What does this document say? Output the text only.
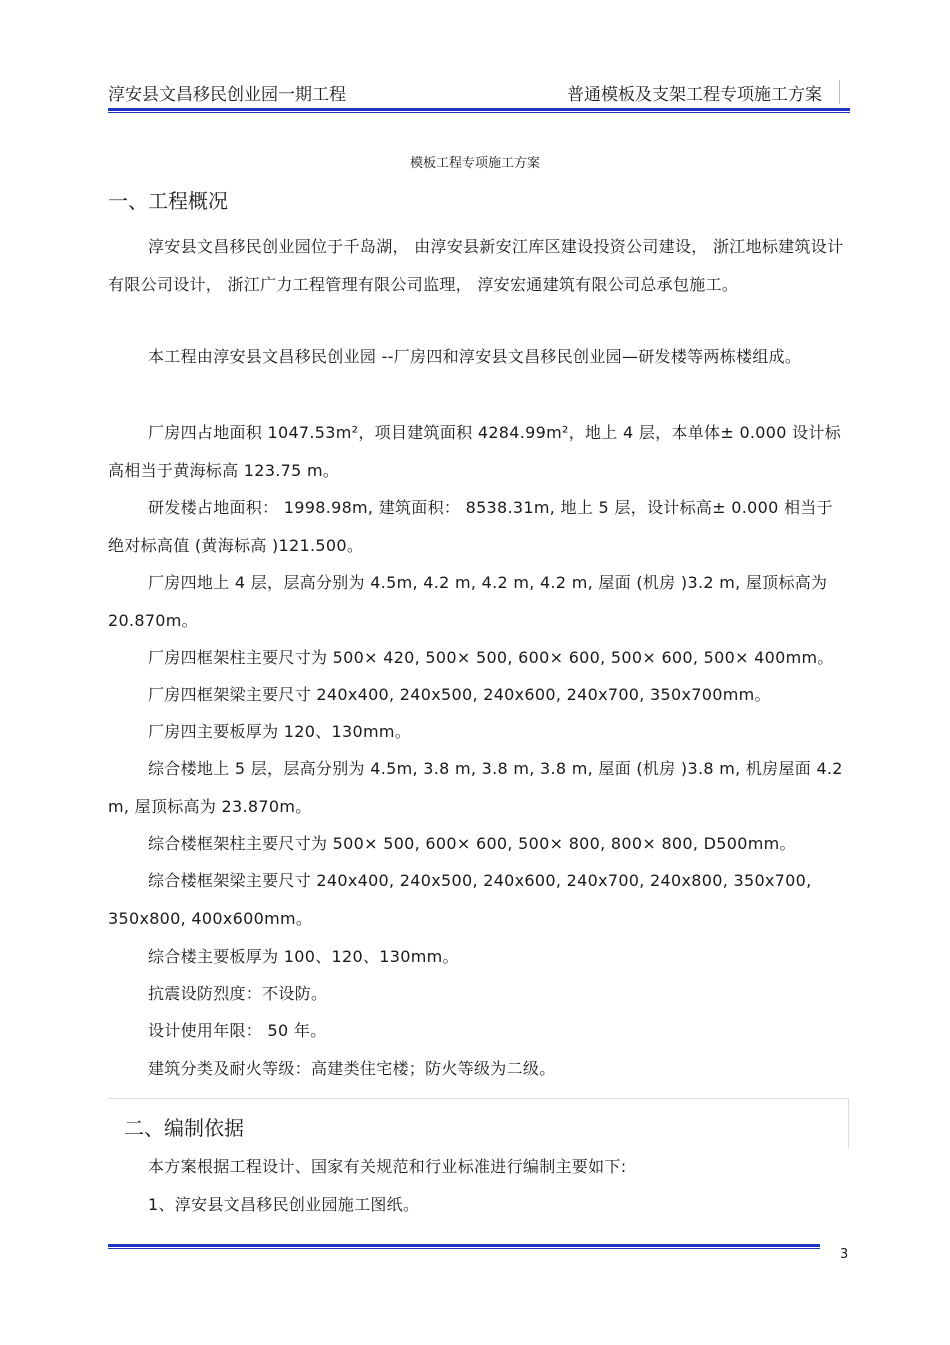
淳安县文昌移民创业园一期工程	普通模板及支架工程专项施工方案
模板工程专项施工方案
一、工程概况
淳安县文昌移民创业园位于千岛湖， 由淳安县新安江库区建设投资公司建设， 浙江地标建筑设计有限公司设计， 浙江广力工程管理有限公司监理， 淳安宏通建筑有限公司总承包施工。
本工程由淳安县文昌移民创业园 --厂房四和淳安县文昌移民创业园—研发楼等两栋楼组成。
厂房四占地面积 1047.53m²，项目建筑面积 4284.99m²，地上 4 层，本单体± 0.000 设计标高相当于黄海标高 123.75 m。
研发楼占地面积： 1998.98m, 建筑面积： 8538.31m, 地上 5 层，设计标高± 0.000 相当于绝对标高值 (黄海标高 )121.500。
厂房四地上 4 层，层高分别为 4.5m, 4.2 m, 4.2 m, 4.2 m, 屋面 (机房 )3.2 m, 屋顶标高为 20.870m。
厂房四框架柱主要尺寸为 500× 420, 500× 500, 600× 600, 500× 600, 500× 400mm。
厂房四框架梁主要尺寸 240x400, 240x500, 240x600, 240x700, 350x700mm。
厂房四主要板厚为 120、130mm。
综合楼地上 5 层，层高分别为 4.5m, 3.8 m, 3.8 m, 3.8 m, 屋面 (机房 )3.8 m, 机房屋面 4.2 m, 屋顶标高为 23.870m。
综合楼框架柱主要尺寸为 500× 500, 600× 600, 500× 800, 800× 800, D500mm。
综合楼框架梁主要尺寸 240x400, 240x500, 240x600, 240x700, 240x800, 350x700, 350x800, 400x600mm。
综合楼主要板厚为 100、120、130mm。
抗震设防烈度：不设防。
设计使用年限： 50 年。
建筑分类及耐火等级：高建类住宅楼；防火等级为二级。
二、编制依据
本方案根据工程设计、国家有关规范和行业标准进行编制主要如下:
1、淳安县文昌移民创业园施工图纸。
3
